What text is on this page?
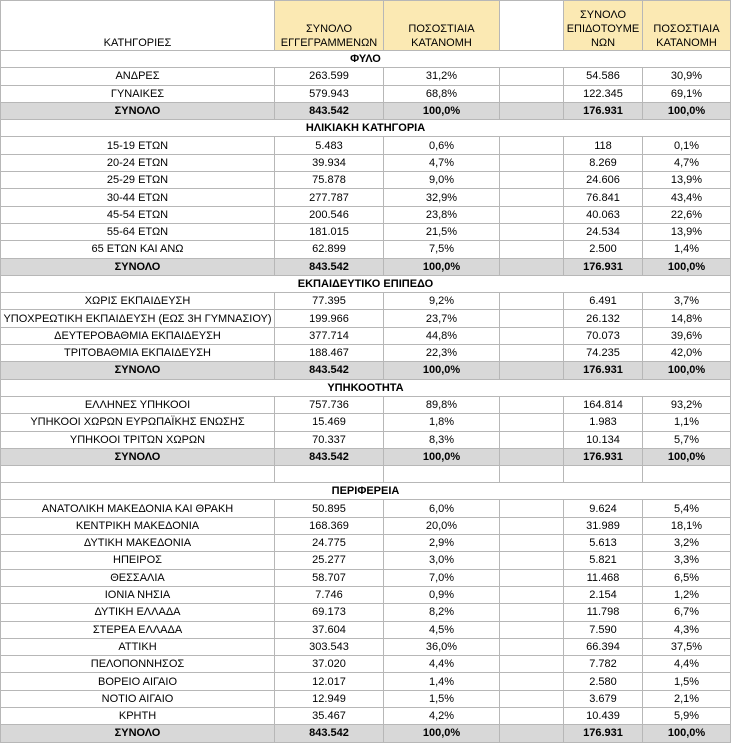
ΚΑΤΗΓΟΡΙΕΣ	ΣΥΝΟΛΟ ΕΓΓΕΓΡΑΜΜΕΝΩΝ	ΠΟΣΟΣΤΙΑΙΑ ΚΑΤΑΝΟΜΗ		ΣΥΝΟΛΟ ΕΠΙΔΟΤΟΥΜΕ ΝΩΝ	ΠΟΣΟΣΤΙΑΙΑ ΚΑΤΑΝΟΜΗ
ΦΥΛΟ					
ΑΝΔΡΕΣ	263.599	31,2%		54.586	30,9%
ΓΥΝΑΙΚΕΣ	579.943	68,8%		122.345	69,1%
ΣΥΝΟΛΟ	843.542	100,0%		176.931	100,0%
ΗΛΙΚΙΑΚΗ ΚΑΤΗΓΟΡΙΑ					
15-19 ΕΤΩΝ	5.483	0,6%		118	0,1%
20-24 ΕΤΩΝ	39.934	4,7%		8.269	4,7%
25-29 ΕΤΩΝ	75.878	9,0%		24.606	13,9%
30-44 ΕΤΩΝ	277.787	32,9%		76.841	43,4%
45-54 ΕΤΩΝ	200.546	23,8%		40.063	22,6%
55-64 ΕΤΩΝ	181.015	21,5%		24.534	13,9%
65 ΕΤΩΝ ΚΑΙ ΑΝΩ	62.899	7,5%		2.500	1,4%
ΣΥΝΟΛΟ	843.542	100,0%		176.931	100,0%
ΕΚΠΑΙΔΕΥΤΙΚΟ ΕΠΙΠΕΔΟ					
ΧΩΡΙΣ ΕΚΠΑΙΔΕΥΣΗ	77.395	9,2%		6.491	3,7%
ΥΠΟΧΡΕΩΤΙΚΗ ΕΚΠΑΙΔΕΥΣΗ (ΕΩΣ 3Η ΓΥΜΝΑΣΙΟΥ)	199.966	23,7%		26.132	14,8%
ΔΕΥΤΕΡΟΒΑΘΜΙΑ ΕΚΠΑΙΔΕΥΣΗ	377.714	44,8%		70.073	39,6%
ΤΡΙΤΟΒΑΘΜΙΑ ΕΚΠΑΙΔΕΥΣΗ	188.467	22,3%		74.235	42,0%
ΣΥΝΟΛΟ	843.542	100,0%		176.931	100,0%
ΥΠΗΚΟΟΤΗΤΑ					
ΕΛΛΗΝΕΣ ΥΠΗΚΟΟΙ	757.736	89,8%		164.814	93,2%
ΥΠΗΚΟΟΙ ΧΩΡΩΝ ΕΥΡΩΠΑΪΚΗΣ ΕΝΩΣΗΣ	15.469	1,8%		1.983	1,1%
ΥΠΗΚΟΟΙ ΤΡΙΤΩΝ ΧΩΡΩΝ	70.337	8,3%		10.134	5,7%
ΣΥΝΟΛΟ	843.542	100,0%		176.931	100,0%

ΠΕΡΙΦΕΡΕΙΑ					
ΑΝΑΤΟΛΙΚΗ ΜΑΚΕΔΟΝΙΑ ΚΑΙ ΘΡΑΚΗ	50.895	6,0%		9.624	5,4%
ΚΕΝΤΡΙΚΗ ΜΑΚΕΔΟΝΙΑ	168.369	20,0%		31.989	18,1%
ΔΥΤΙΚΗ ΜΑΚΕΔΟΝΙΑ	24.775	2,9%		5.613	3,2%
ΗΠΕΙΡΟΣ	25.277	3,0%		5.821	3,3%
ΘΕΣΣΑΛΙΑ	58.707	7,0%		11.468	6,5%
ΙΟΝΙΑ ΝΗΣΙΑ	7.746	0,9%		2.154	1,2%
ΔΥΤΙΚΗ ΕΛΛΑΔΑ	69.173	8,2%		11.798	6,7%
ΣΤΕΡΕΑ ΕΛΛΑΔΑ	37.604	4,5%		7.590	4,3%
ΑΤΤΙΚΗ	303.543	36,0%		66.394	37,5%
ΠΕΛΟΠΟΝΝΗΣΟΣ	37.020	4,4%		7.782	4,4%
ΒΟΡΕΙΟ ΑΙΓΑΙΟ	12.017	1,4%		2.580	1,5%
ΝΟΤΙΟ ΑΙΓΑΙΟ	12.949	1,5%		3.679	2,1%
ΚΡΗΤΗ	35.467	4,2%		10.439	5,9%
ΣΥΝΟΛΟ	843.542	100,0%		176.931	100,0%
